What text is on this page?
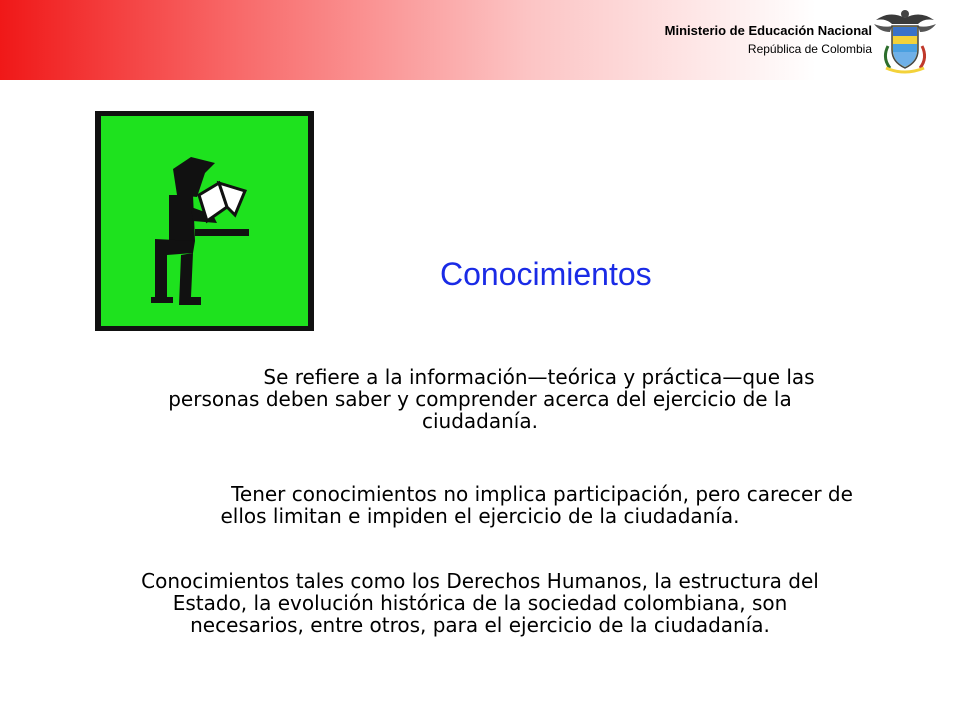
Ministerio de Educación Nacional
República de Colombia
Conocimientos
Se refiere a la información—teórica y práctica—que las
personas deben saber y comprender acerca del ejercicio de la
ciudadanía.
Tener conocimientos no implica participación, pero carecer de
ellos limitan e impiden el ejercicio de la ciudadanía.
Conocimientos tales como los Derechos Humanos, la estructura del
Estado, la evolución histórica de la sociedad colombiana, son
necesarios, entre otros, para el ejercicio de la ciudadanía.
